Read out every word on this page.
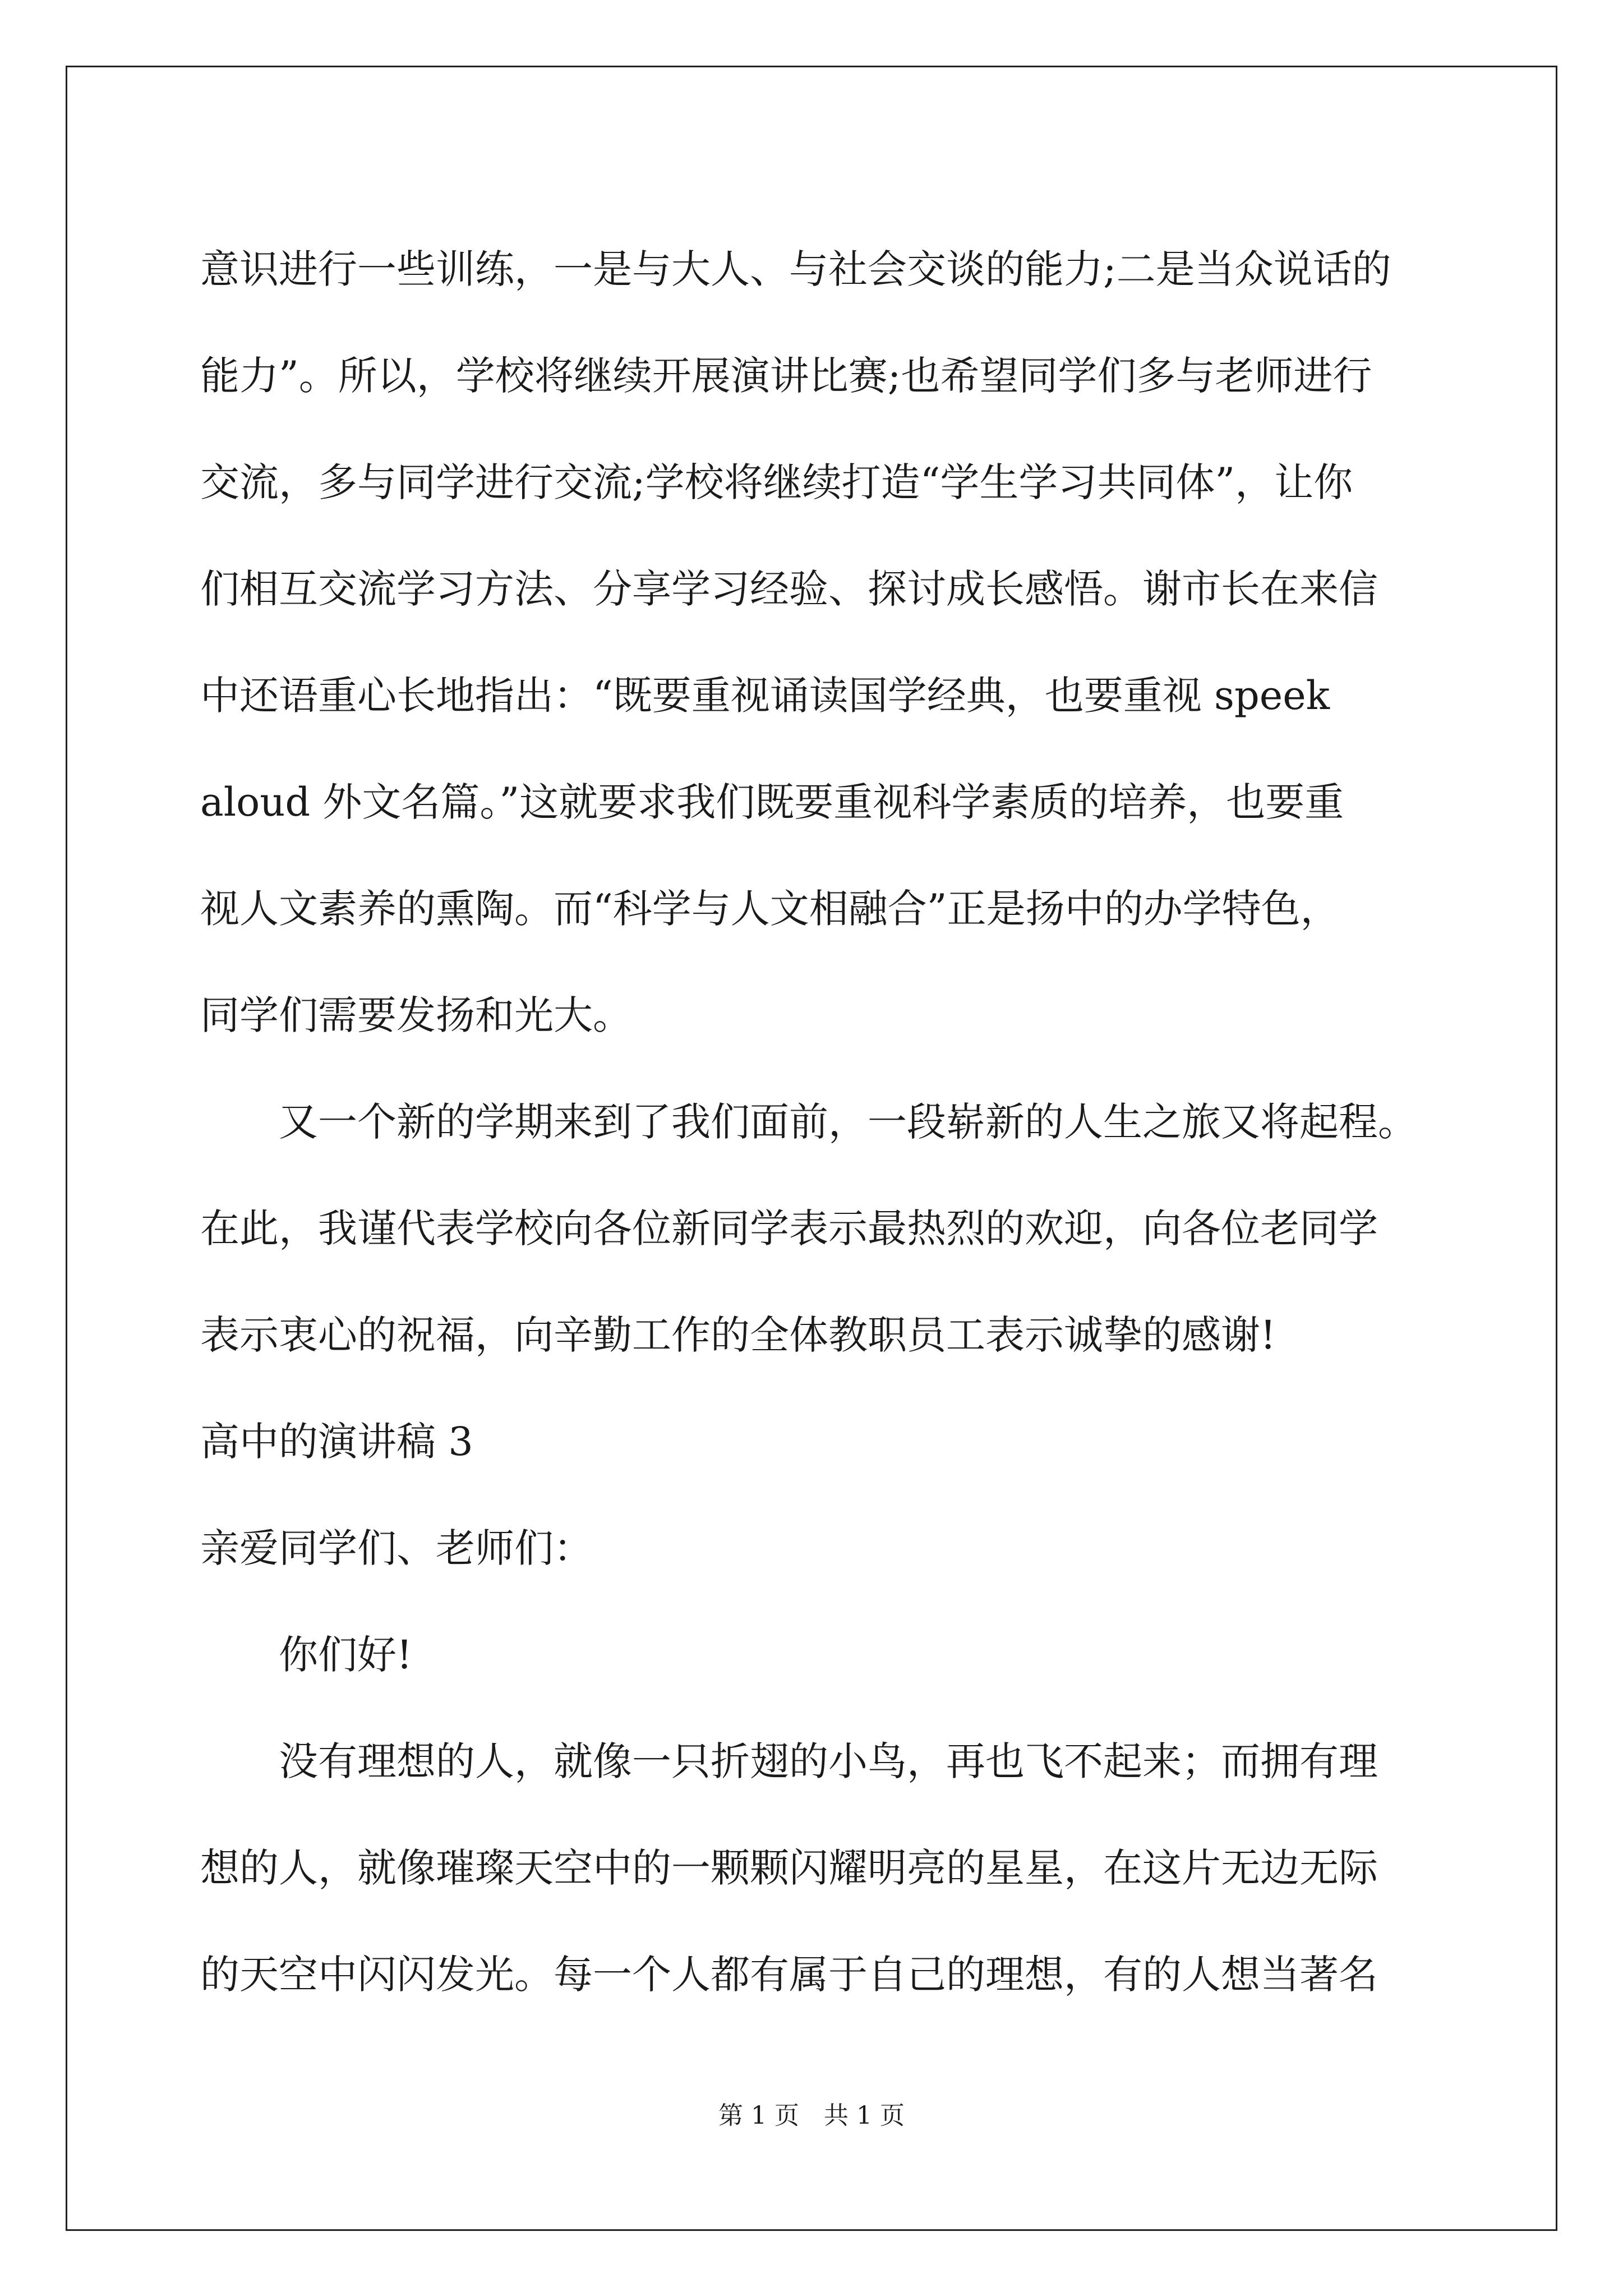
意识进行一些训练，一是与大人、与社会交谈的能力;二是当众说话的
能力”。所以，学校将继续开展演讲比赛;也希望同学们多与老师进行
交流，多与同学进行交流;学校将继续打造“学生学习共同体”，让你
们相互交流学习方法、分享学习经验、探讨成长感悟。谢市长在来信
中还语重心长地指出：“既要重视诵读国学经典，也要重视 speek
aloud 外文名篇。”这就要求我们既要重视科学素质的培养，也要重
视人文素养的熏陶。而“科学与人文相融合”正是扬中的办学特色，
同学们需要发扬和光大。
又一个新的学期来到了我们面前，一段崭新的人生之旅又将起程。
在此，我谨代表学校向各位新同学表示最热烈的欢迎，向各位老同学
表示衷心的祝福，向辛勤工作的全体教职员工表示诚挚的感谢!
高中的演讲稿 3
亲爱同学们、老师们：
你们好!
没有理想的人，就像一只折翅的小鸟，再也飞不起来；而拥有理
想的人，就像璀璨天空中的一颗颗闪耀明亮的星星，在这片无边无际
的天空中闪闪发光。每一个人都有属于自己的理想，有的人想当著名
第 1 页　共 1 页
